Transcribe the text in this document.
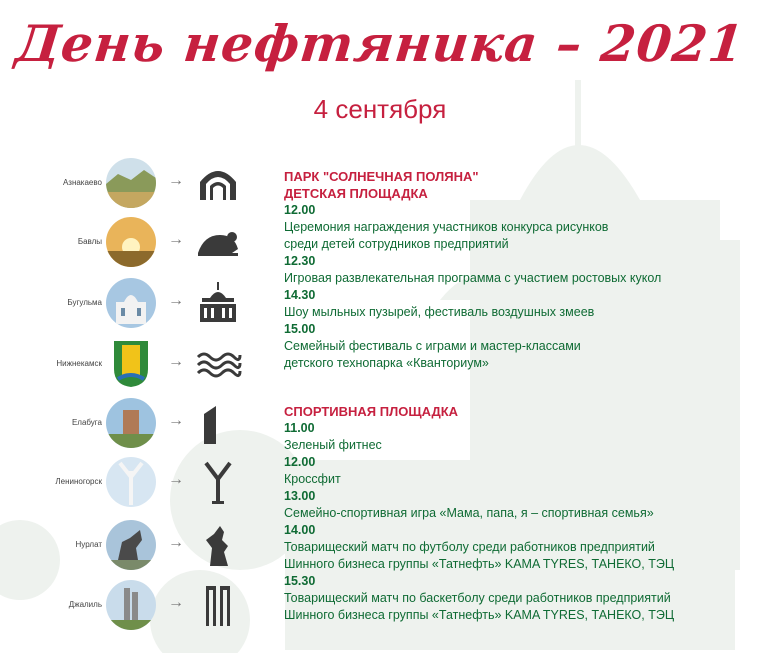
День нефтяника – 2021
4 сентября
Азнакаево	→
Бавлы	→
Бугульма	→
Нижнекамск	→
Елабуга	→
Лениногорск	→
Нурлат	→
Джалиль	→
ПАРК "СОЛНЕЧНАЯ ПОЛЯНА"
ДЕТСКАЯ ПЛОЩАДКА
12.00
Церемония награждения участников конкурса рисунков
среди детей сотрудников предприятий
12.30
Игровая развлекательная программа с участием ростовых кукол
14.30
Шоу мыльных пузырей, фестиваль воздушных змеев
15.00
Семейный фестиваль с играми и мастер-классами
детского технопарка «Кванториум»
СПОРТИВНАЯ ПЛОЩАДКА
11.00
Зеленый фитнес
12.00
Кроссфит
13.00
Семейно-спортивная игра «Мама, папа, я – спортивная семья»
14.00
Товарищеский матч по футболу среди работников предприятий
Шинного бизнеса группы «Татнефть» KAMA TYRES, ТАНЕКО, ТЭЦ
15.30
Товарищеский матч по баскетболу среди работников предприятий
Шинного бизнеса группы «Татнефть» KAMA TYRES, ТАНЕКО, ТЭЦ
